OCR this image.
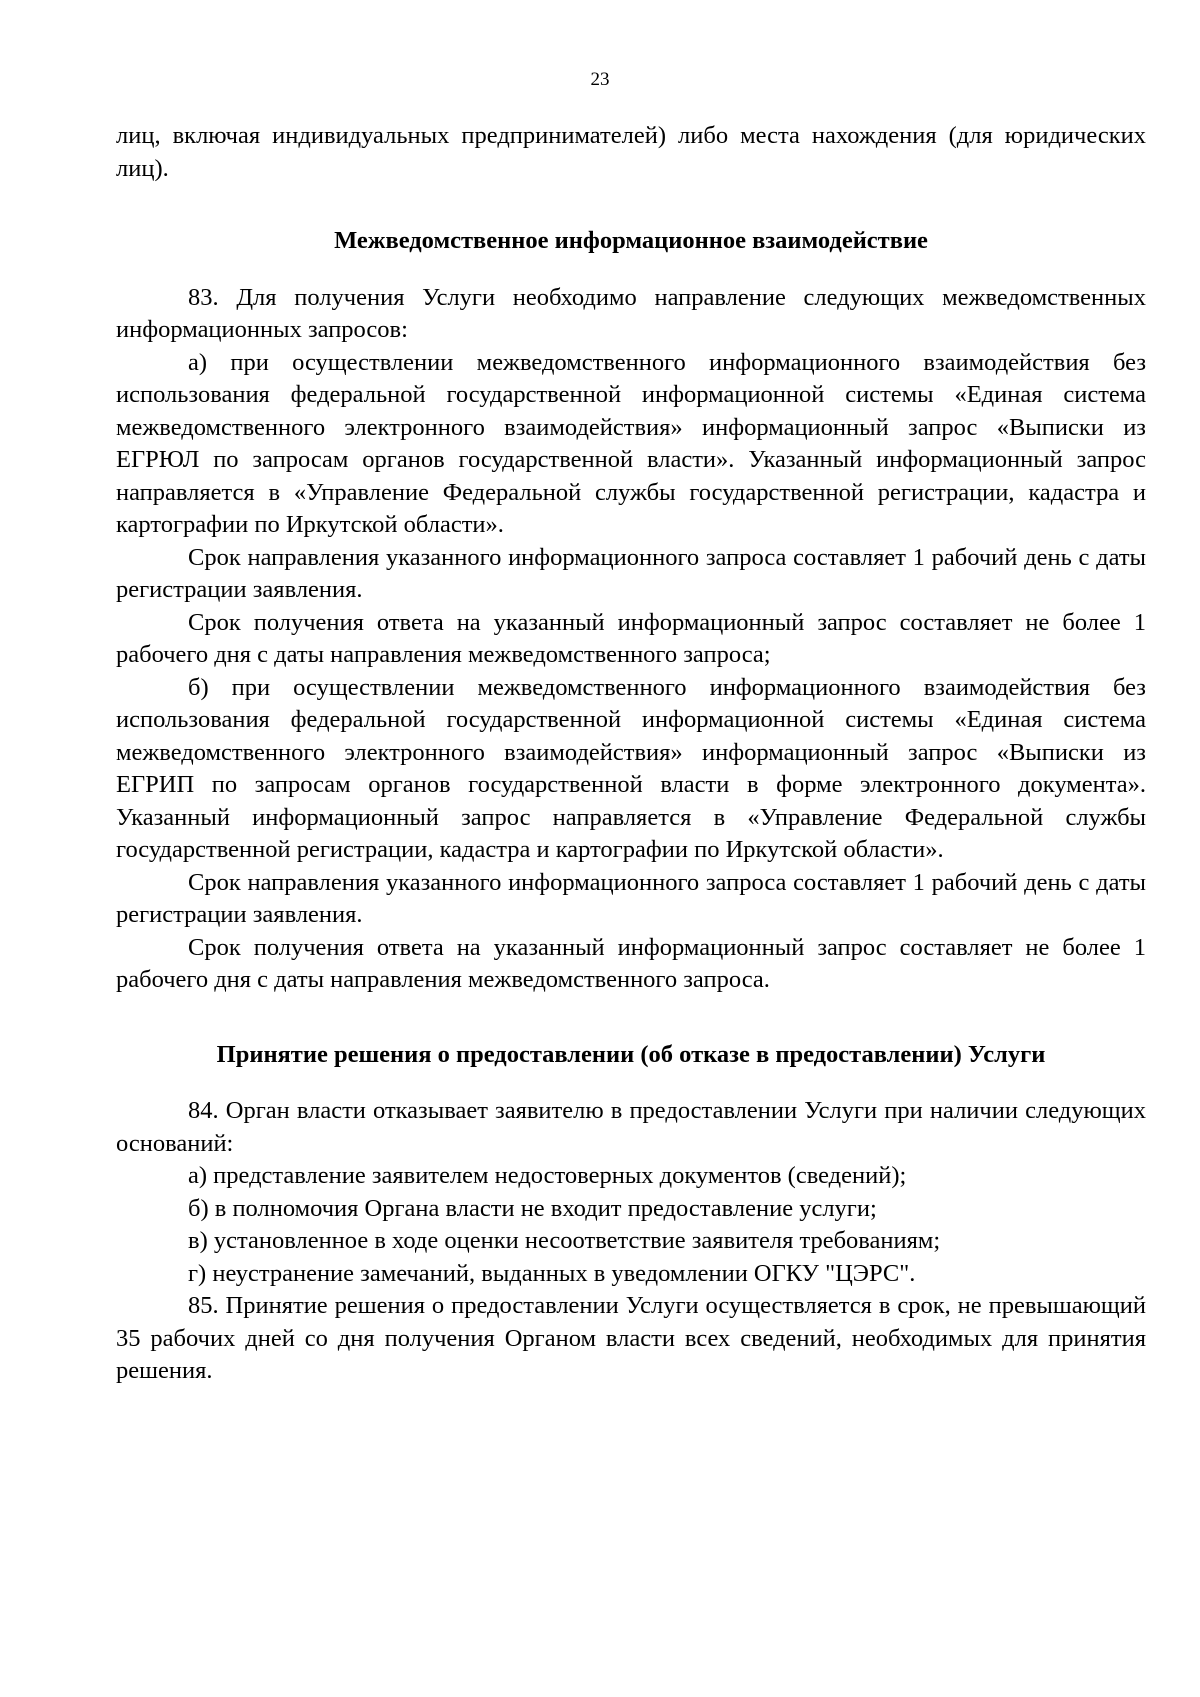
23

лиц, включая индивидуальных предпринимателей) либо места нахождения (для юридических лиц).

Межведомственное информационное взаимодействие

83. Для получения Услуги необходимо направление следующих межведомственных информационных запросов:

а) при осуществлении межведомственного информационного взаимодействия без использования федеральной государственной информационной системы «Единая система межведомственного электронного взаимодействия» информационный запрос «Выписки из ЕГРЮЛ по запросам органов государственной власти». Указанный информационный запрос направляется в «Управление Федеральной службы государственной регистрации, кадастра и картографии по Иркутской области».

Срок направления указанного информационного запроса составляет 1 рабочий день с даты регистрации заявления.

Срок получения ответа на указанный информационный запрос составляет не более 1 рабочего дня с даты направления межведомственного запроса;

б) при осуществлении межведомственного информационного взаимодействия без использования федеральной государственной информационной системы «Единая система межведомственного электронного взаимодействия» информационный запрос «Выписки из ЕГРИП по запросам органов государственной власти в форме электронного документа». Указанный информационный запрос направляется в «Управление Федеральной службы государственной регистрации, кадастра и картографии по Иркутской области».

Срок направления указанного информационного запроса составляет 1 рабочий день с даты регистрации заявления.

Срок получения ответа на указанный информационный запрос составляет не более 1 рабочего дня с даты направления межведомственного запроса.

Принятие решения о предоставлении (об отказе в предоставлении) Услуги

84. Орган власти отказывает заявителю в предоставлении Услуги при наличии следующих оснований:

а) представление заявителем недостоверных документов (сведений);

б) в полномочия Органа власти не входит предоставление услуги;

в) установленное в ходе оценки несоответствие заявителя требованиям;

г) неустранение замечаний, выданных в уведомлении ОГКУ "ЦЭРС".

85. Принятие решения о предоставлении Услуги осуществляется в срок, не превышающий 35 рабочих дней со дня получения Органом власти всех сведений, необходимых для принятия решения.
